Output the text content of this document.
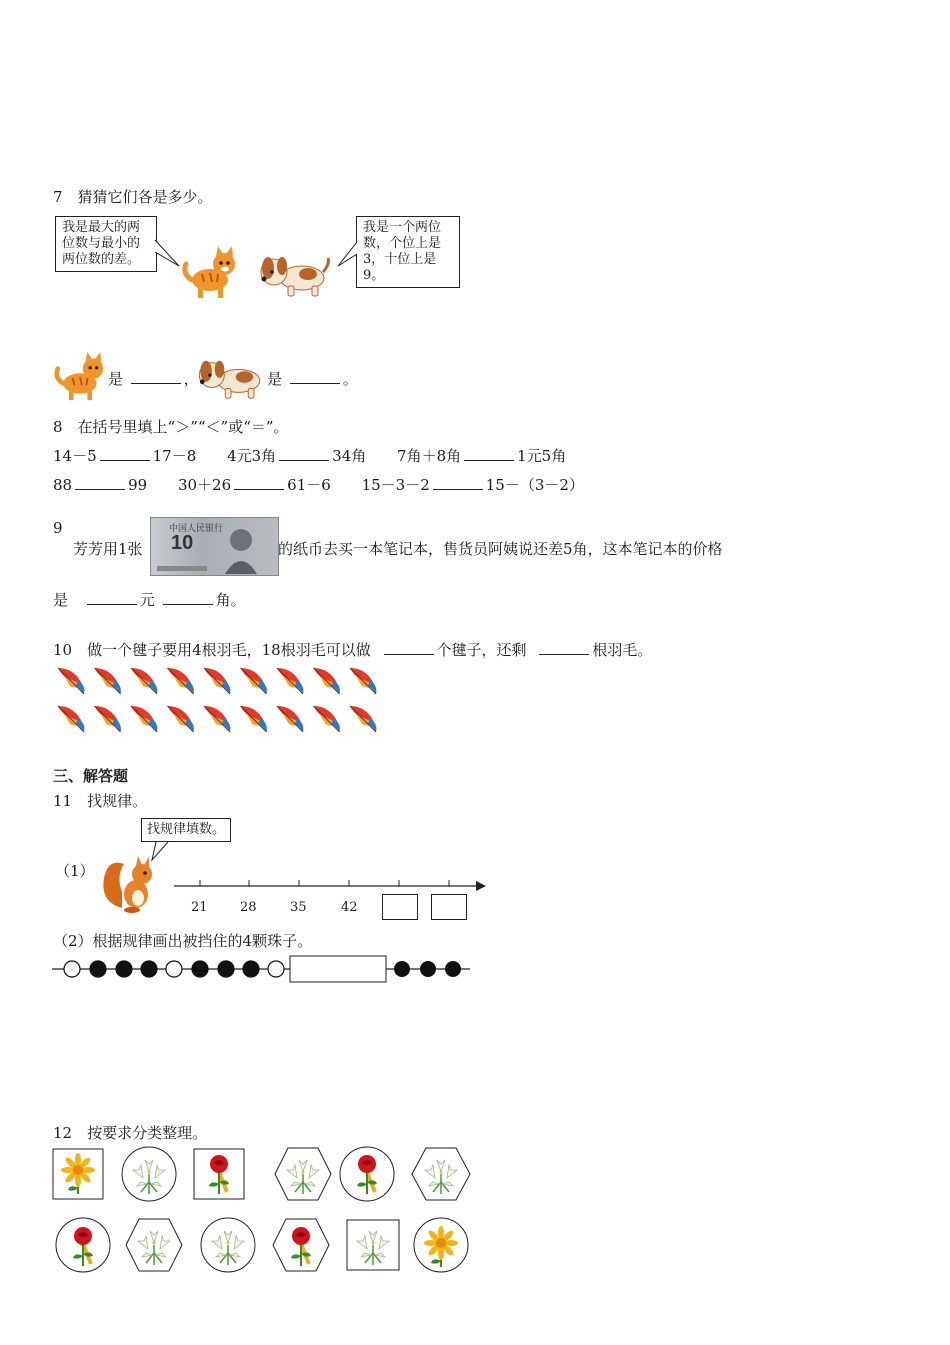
7　猜猜它们各是多少。
我是最大的两位数与最小的两位数的差。
我是一个两位数，个位上是3，十位上是9。
是	，	是	。
8　在括号里填上“＞”“＜”或“＝”。
14－5	17－8 4元3角	34角 7角＋8角	1元5角
88	99 30＋26	61－6 15－3－2	15－（3－2）
9
芳芳用1张
中国人民银行
10	的纸币去买一本笔记本，售货员阿姨说还差5角，这本笔记本的价格
是	元	角。
10　做一个毽子要用4根羽毛，18根羽毛可以做	个毽子，还剩	根羽毛。
三、解答题
11　找规律。
（1）
找规律填数。
21 28	35	42
（2）根据规律画出被挡住的4颗珠子。
12　按要求分类整理。
